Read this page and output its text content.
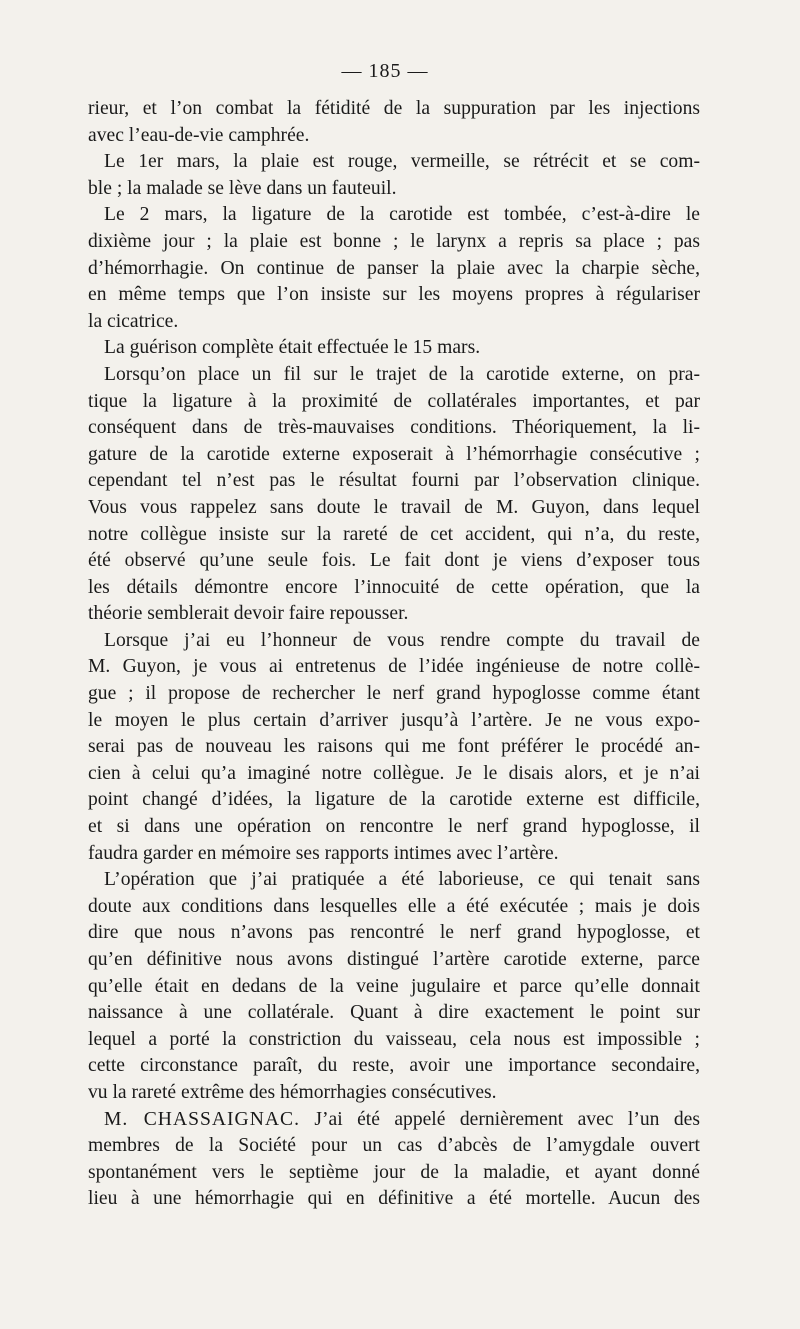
— 185 —
rieur, et l’on combat la fétidité de la suppuration par les injections
avec l’eau-de-vie camphrée.
Le 1er mars, la plaie est rouge, vermeille, se rétrécit et se com-
ble ; la malade se lève dans un fauteuil.
Le 2 mars, la ligature de la carotide est tombée, c’est-à-dire le
dixième jour ; la plaie est bonne ; le larynx a repris sa place ; pas
d’hémorrhagie. On continue de panser la plaie avec la charpie sèche,
en même temps que l’on insiste sur les moyens propres à régulariser
la cicatrice.
La guérison complète était effectuée le 15 mars.
Lorsqu’on place un fil sur le trajet de la carotide externe, on pra-
tique la ligature à la proximité de collatérales importantes, et par
conséquent dans de très-mauvaises conditions. Théoriquement, la li-
gature de la carotide externe exposerait à l’hémorrhagie consécutive ;
cependant tel n’est pas le résultat fourni par l’observation clinique.
Vous vous rappelez sans doute le travail de M. Guyon, dans lequel
notre collègue insiste sur la rareté de cet accident, qui n’a, du reste,
été observé qu’une seule fois. Le fait dont je viens d’exposer tous
les détails démontre encore l’innocuité de cette opération, que la
théorie semblerait devoir faire repousser.
Lorsque j’ai eu l’honneur de vous rendre compte du travail de
M. Guyon, je vous ai entretenus de l’idée ingénieuse de notre collè-
gue ; il propose de rechercher le nerf grand hypoglosse comme étant
le moyen le plus certain d’arriver jusqu’à l’artère. Je ne vous expo-
serai pas de nouveau les raisons qui me font préférer le procédé an-
cien à celui qu’a imaginé notre collègue. Je le disais alors, et je n’ai
point changé d’idées, la ligature de la carotide externe est difficile,
et si dans une opération on rencontre le nerf grand hypoglosse, il
faudra garder en mémoire ses rapports intimes avec l’artère.
L’opération que j’ai pratiquée a été laborieuse, ce qui tenait sans
doute aux conditions dans lesquelles elle a été exécutée ; mais je dois
dire que nous n’avons pas rencontré le nerf grand hypoglosse, et
qu’en définitive nous avons distingué l’artère carotide externe, parce
qu’elle était en dedans de la veine jugulaire et parce qu’elle donnait
naissance à une collatérale. Quant à dire exactement le point sur
lequel a porté la constriction du vaisseau, cela nous est impossible ;
cette circonstance paraît, du reste, avoir une importance secondaire,
vu la rareté extrême des hémorrhagies consécutives.
M. CHASSAIGNAC. J’ai été appelé dernièrement avec l’un des
membres de la Société pour un cas d’abcès de l’amygdale ouvert
spontanément vers le septième jour de la maladie, et ayant donné
lieu à une hémorrhagie qui en définitive a été mortelle. Aucun des
